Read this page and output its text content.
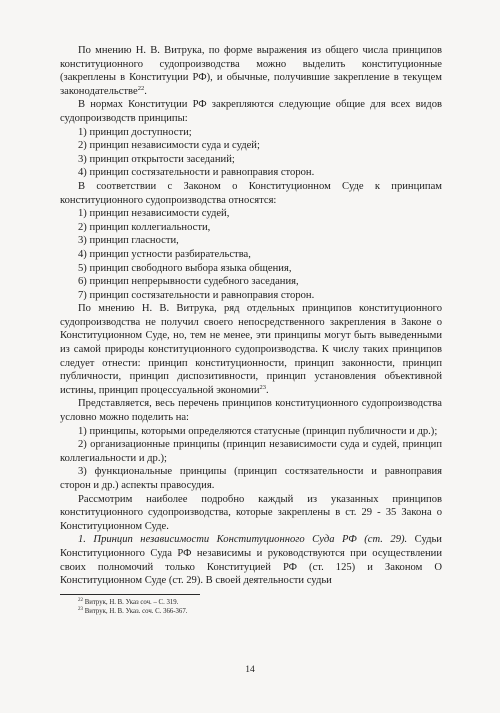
По мнению Н. В. Витрука, по форме выражения из общего числа принципов конституционного судопроизводства можно выделить конституционные (закреплены в Конституции РФ), и обычные, получившие закрепление в текущем законодательстве$^{22}$.

В нормах Конституции РФ закрепляются следующие общие для всех видов судопроизводств принципы:

1) принцип доступности;

2) принцип независимости суда и судей;

3) принцип открытости заседаний;

4) принцип состязательности и равноправия сторон.

В соответствии с Законом о Конституционном Суде к принципам конституционного судопроизводства относятся:

1) принцип независимости судей,

2) принцип коллегиальности,

3) принцип гласности,

4) принцип устности разбирательства,

5) принцип свободного выбора языка общения,

6) принцип непрерывности судебного заседания,

7) принцип состязательности и равноправия сторон.

По мнению Н. В. Витрука, ряд отдельных принципов конституционного судопроизводства не получил своего непосредственного закрепления в Законе о Конституционном Суде, но, тем не менее, эти принципы могут быть выведенными из самой природы конституционного судопроизводства. К числу таких принципов следует отнести: принцип конституционности, принцип законности, принцип публичности, принцип диспозитивности, принцип установления объективной истины, принцип процессуальной экономии$^{23}$.

Представляется, весь перечень принципов конституционного судопроизводства условно можно поделить на:

1) принципы, которыми определяются статусные (принцип публичности и др.);

2) организационные принципы (принцип независимости суда и судей, принцип коллегиальности и др.);

3) функциональные принципы (принцип состязательности и равноправия сторон и др.) аспекты правосудия.

Рассмотрим наиболее подробно каждый из указанных принципов конституционного судопроизводства, которые закреплены в ст. 29 - 35 Закона о Конституционном Суде.

1. Принцип независимости Конституционного Суда РФ (ст. 29). Судьи Конституционного Суда РФ независимы и руководствуются при осуществлении своих полномочий только Конституцией РФ (ст. 125) и Законом О Конституционном Суде (ст. 29). В своей деятельности судьи

$^{22}$ Витрук, Н. В. Указ соч. – С. 319.

$^{23}$ Витрук, Н. В. Указ. соч. С. 366-367.

14
